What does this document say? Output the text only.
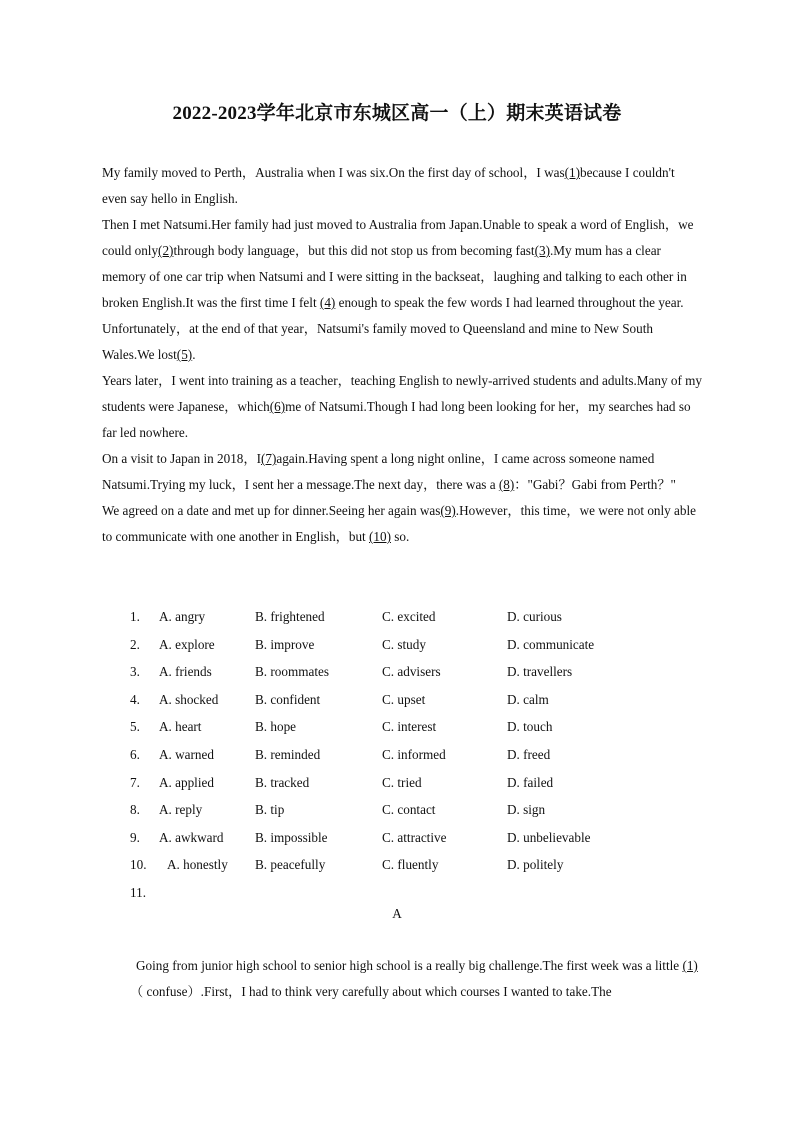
2022-2023学年北京市东城区高一（上）期末英语试卷

My family moved to Perth，Australia when I was six.On the first day of school，I was(1)because I couldn't even say hello in English.

Then I met Natsumi.Her family had just moved to Australia from Japan.Unable to speak a word of English，we could only(2)through body language，but this did not stop us from becoming fast(3).My mum has a clear memory of one car trip when Natsumi and I were sitting in the backseat，laughing and talking to each other in broken English.It was the first time I felt (4) enough to speak the few words I had learned throughout the year.

Unfortunately，at the end of that year，Natsumi's family moved to Queensland and mine to New South Wales.We lost(5).

Years later，I went into training as a teacher，teaching English to newly-arrived students and adults.Many of my students were Japanese，which(6)me of Natsumi.Though I had long been looking for her，my searches had so far led nowhere.

On a visit to Japan in 2018，I(7)again.Having spent a long night online，I came across someone named Natsumi.Trying my luck，I sent her a message.The next day，there was a (8)："Gabi？Gabi from Perth？"

We agreed on a date and met up for dinner.Seeing her again was(9).However，this time，we were not only able to communicate with one another in English，but (10) so.

1. A. angry	B. frightened	C. excited	D. curious
2. A. explore	B. improve	C. study	D. communicate
3. A. friends	B. roommates	C. advisers	D. travellers
4. A. shocked	B. confident	C. upset	D. calm
5. A. heart	B. hope	C. interest	D. touch
6. A. warned	B. reminded	C. informed	D. freed
7. A. applied	B. tracked	C. tried	D. failed
8. A. reply	B. tip	C. contact	D. sign
9. A. awkward B. impossible	C. attractive	D. unbelievable
10. A. honestly B. peacefully	C. fluently	D. politely
11.
A

Going from junior high school to senior high school is a really big challenge.The first week was a little (1)（ confuse）.First，I had to think very carefully about which courses I wanted to take.The
